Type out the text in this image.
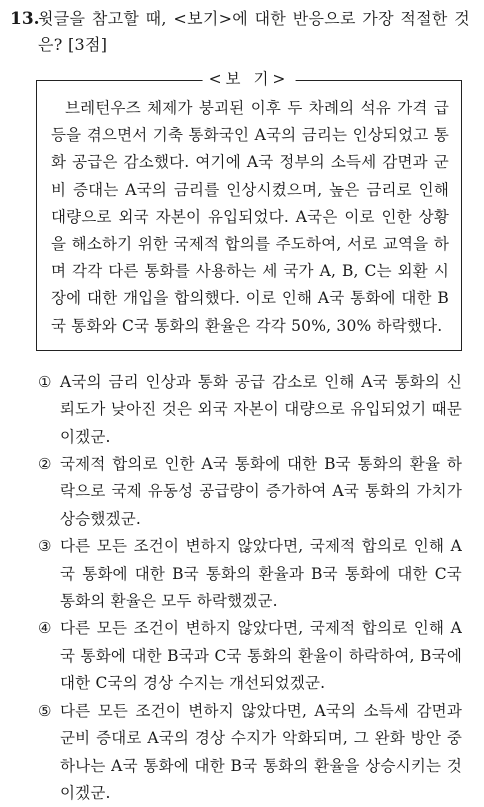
13.
윗글을 참고할 때, <보기>에 대한 반응으로 가장 적절한 것은? [3점]
브레턴우즈 체제가 붕괴된 이후 두 차례의 석유 가격 급등을 겪으면서 기축 통화국인 A국의 금리는 인상되었고 통화 공급은 감소했다. 여기에 A국 정부의 소득세 감면과 군비 증대는 A국의 금리를 인상시켰으며, 높은 금리로 인해 대량으로 외국 자본이 유입되었다. A국은 이로 인한 상황을 해소하기 위한 국제적 합의를 주도하여, 서로 교역을 하며 각각 다른 통화를 사용하는 세 국가 A, B, C는 외환 시장에 대한 개입을 합의했다. 이로 인해 A국 통화에 대한 B국 통화와 C국 통화의 환율은 각각 50%, 30% 하락했다.
<보 기>
① A국의 금리 인상과 통화 공급 감소로 인해 A국 통화의 신뢰도가 낮아진 것은 외국 자본이 대량으로 유입되었기 때문이겠군.
② 국제적 합의로 인한 A국 통화에 대한 B국 통화의 환율 하락으로 국제 유동성 공급량이 증가하여 A국 통화의 가치가 상승했겠군.
③ 다른 모든 조건이 변하지 않았다면, 국제적 합의로 인해 A국 통화에 대한 B국 통화의 환율과 B국 통화에 대한 C국 통화의 환율은 모두 하락했겠군.
④ 다른 모든 조건이 변하지 않았다면, 국제적 합의로 인해 A국 통화에 대한 B국과 C국 통화의 환율이 하락하여, B국에 대한 C국의 경상 수지는 개선되었겠군.
⑤ 다른 모든 조건이 변하지 않았다면, A국의 소득세 감면과 군비 증대로 A국의 경상 수지가 악화되며, 그 완화 방안 중 하나는 A국 통화에 대한 B국 통화의 환율을 상승시키는 것이겠군.
